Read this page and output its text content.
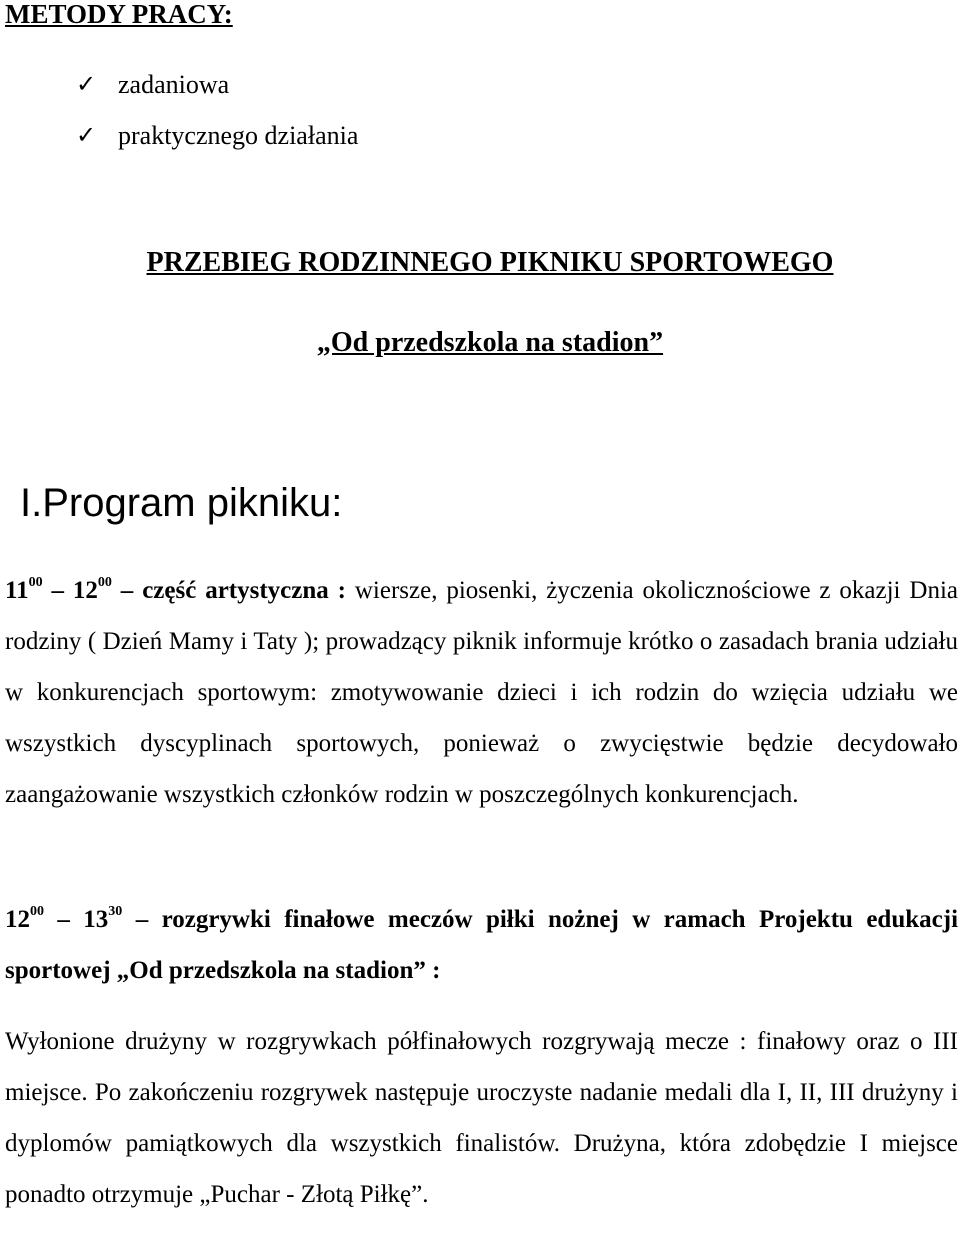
METODY PRACY:
✓ zadaniowa
✓ praktycznego działania
PRZEBIEG RODZINNEGO PIKNIKU SPORTOWEGO
„Od przedszkola na stadion”
I.Program pikniku:
$11^{00} - 12^{00}$ – część artystyczna : wiersze, piosenki, życzenia okolicznościowe z okazji Dnia rodziny ( Dzień Mamy i Taty ); prowadzący piknik informuje krótko o zasadach brania udziału w konkurencjach sportowym: zmotywowanie dzieci i ich rodzin do wzięcia udziału we wszystkich dyscyplinach sportowych, ponieważ o zwycięstwie będzie decydowało zaangażowanie wszystkich członków rodzin w poszczególnych konkurencjach.
$12^{00} - 13^{30}$ – rozgrywki finałowe meczów piłki nożnej w ramach Projektu edukacji sportowej „Od przedszkola na stadion” :
Wyłonione drużyny w rozgrywkach półfinałowych rozgrywają mecze : finałowy oraz o III miejsce. Po zakończeniu rozgrywek następuje uroczyste nadanie medali dla I, II, III drużyny i dyplomów pamiątkowych dla wszystkich finalistów. Drużyna, która zdobędzie I miejsce ponadto otrzymuje „Puchar - Złotą Piłkę”.
